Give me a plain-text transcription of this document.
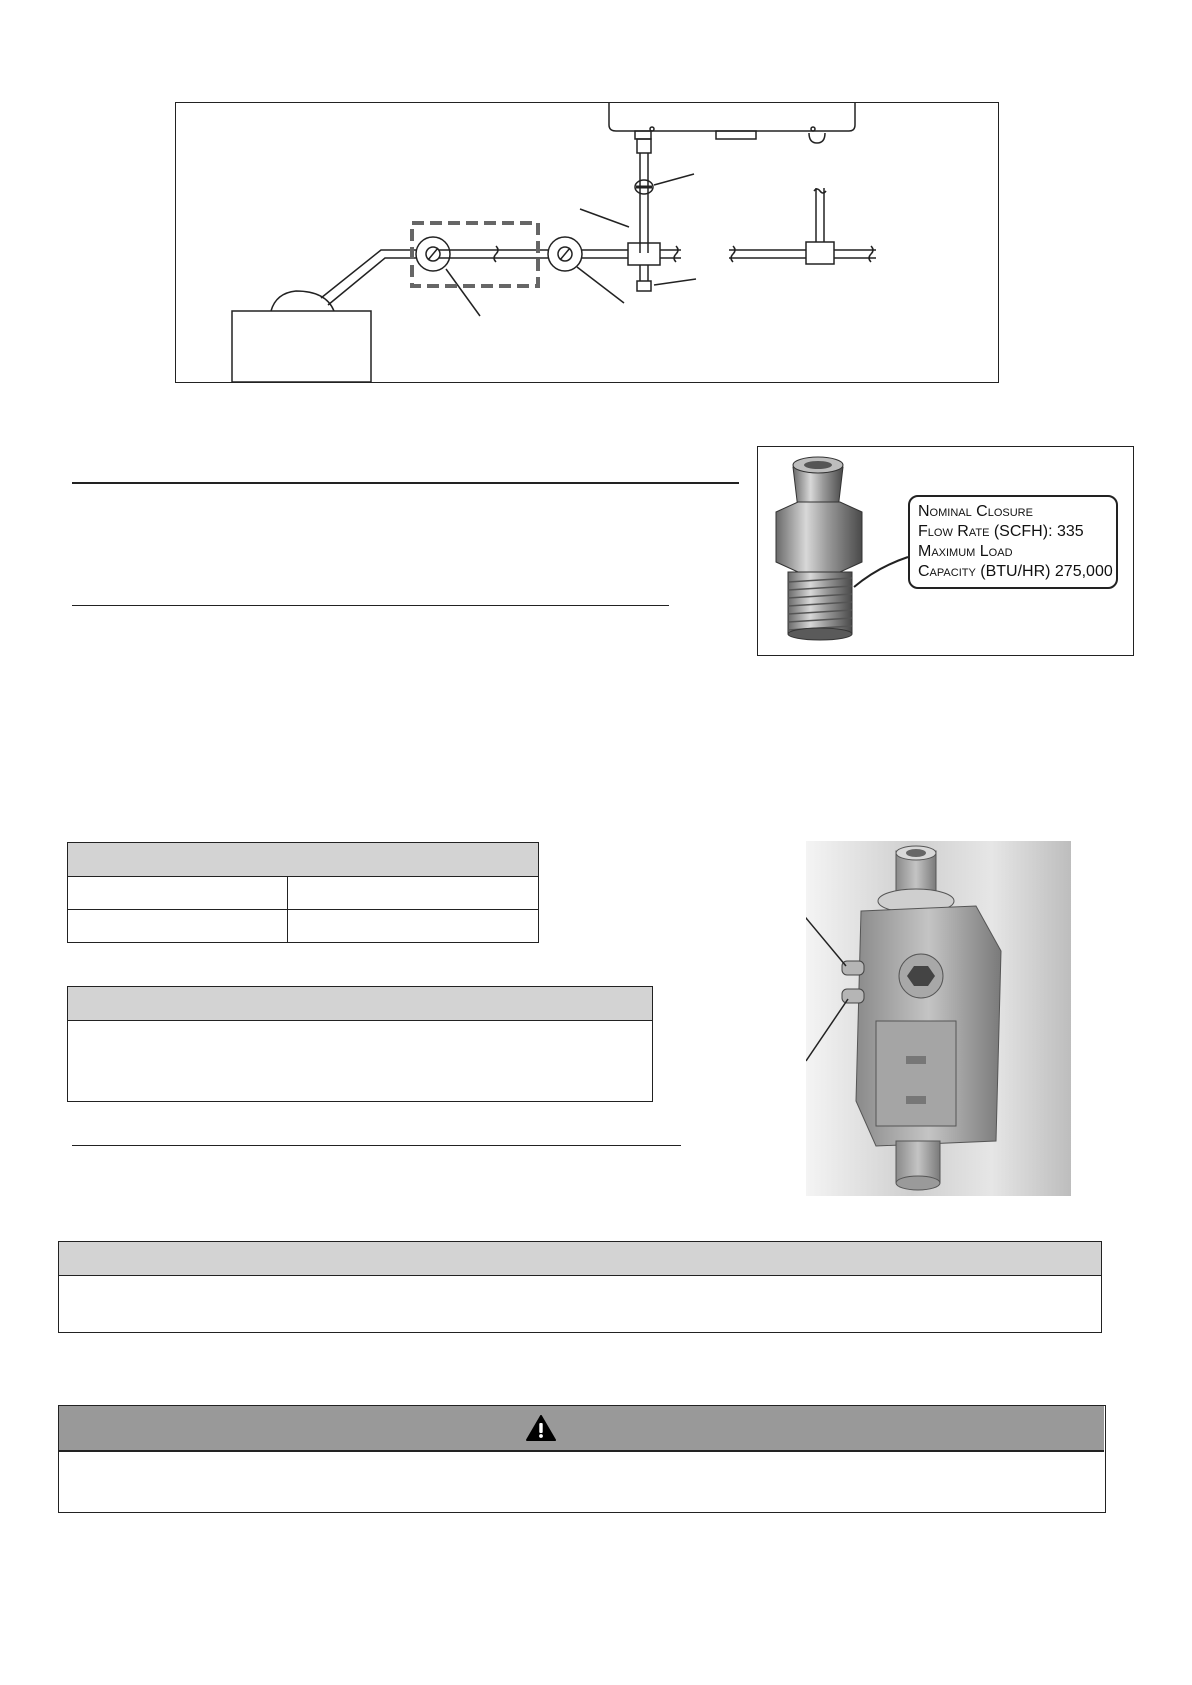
Nominal Closure
Flow Rate (SCFH): 335
Maximum Load
Capacity (BTU/HR) 275,000
